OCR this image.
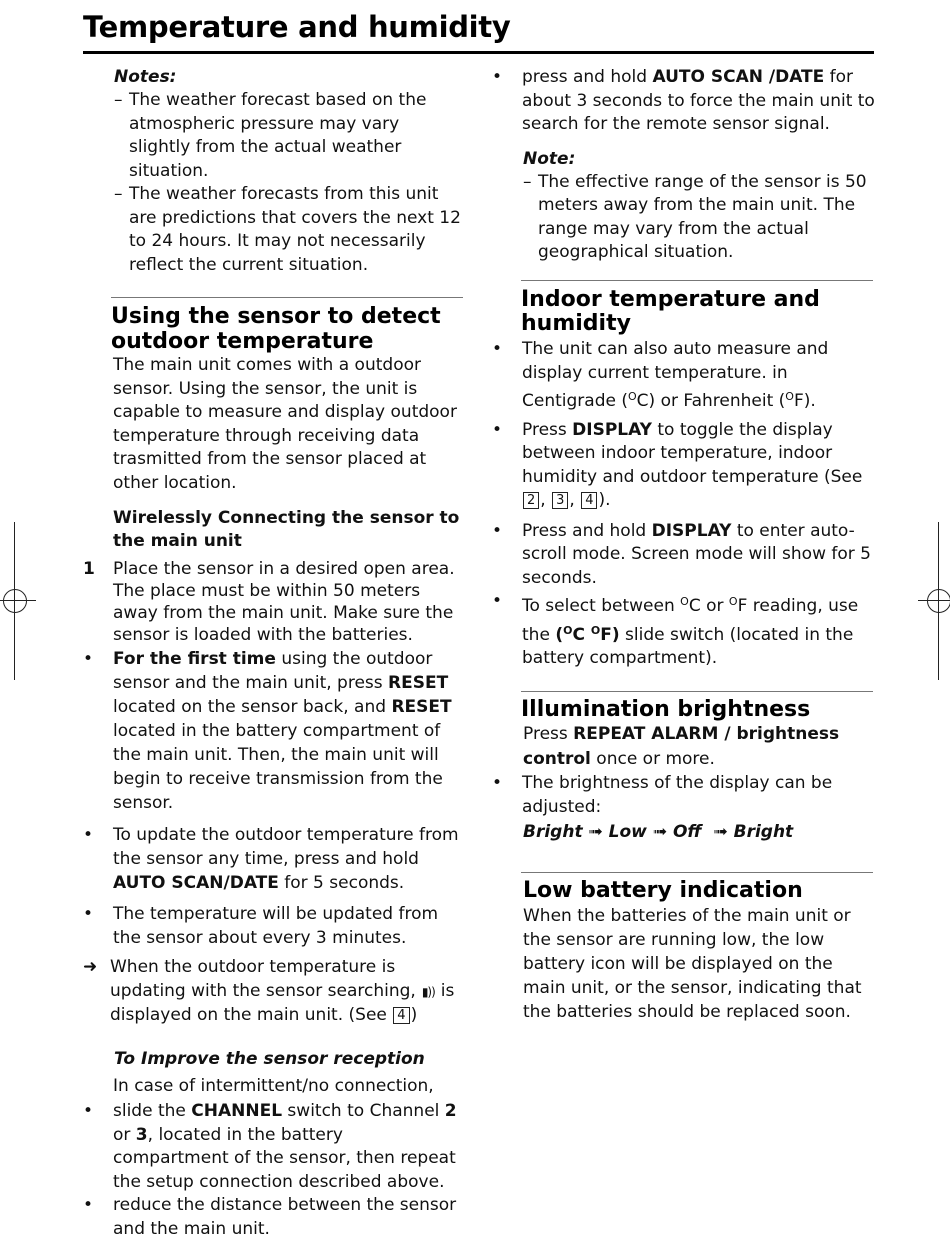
Temperature and humidity
Notes:
– The weather forecast based on the atmospheric pressure may vary slightly from the actual weather situation.
– The weather forecasts from this unit are predictions that covers the next 12 to 24 hours. It may not necessarily reflect the current situation.
Using the sensor to detect
outdoor temperature
The main unit comes with a outdoor sensor. Using the sensor, the unit is capable to measure and display outdoor temperature through receiving data trasmitted from the sensor placed at other location.
Wirelessly Connecting the sensor to the main unit
1	Place the sensor in a desired open area. The place must be within 50 meters away from the main unit. Make sure the sensor is loaded with the batteries.
•	For the first time using the outdoor sensor and the main unit, press RESET located on the sensor back, and RESET located in the battery compartment of the main unit. Then, the main unit will begin to receive transmission from the sensor.
•	To update the outdoor temperature from the sensor any time, press and hold AUTO SCAN/DATE for 5 seconds.
•	The temperature will be updated from the sensor about every 3 minutes.
➜ When the outdoor temperature is updating with the sensor searching, ▮)) is displayed on the main unit. (See 4 )
To Improve the sensor reception
In case of intermittent/no connection,
•	slide the CHANNEL switch to Channel 2 or 3, located in the battery compartment of the sensor, then repeat the setup connection described above.
•	reduce the distance between the sensor and the main unit.
•	press and hold AUTO SCAN /DATE for about 3 seconds to force the main unit to search for the remote sensor signal.
Note:
– The effective range of the sensor is 50 meters away from the main unit. The range may vary from the actual geographical situation.
Indoor temperature and
humidity
•	The unit can also auto measure and display current temperature. in Centigrade ($^O$C) or Fahrenheit ($^O$F).
•	Press DISPLAY to toggle the display between indoor temperature, indoor humidity and outdoor temperature (See 2 , 3 , 4 ).
•	Press and hold DISPLAY to enter auto-scroll mode. Screen mode will show for 5 seconds.
•	To select between $^O$C or $^O$F reading, use the ($^O$C $^O$F) slide switch (located in the battery compartment).
Illumination brightness
Press REPEAT ALARM / brightness control once or more.
•	The brightness of the display can be adjusted:
Bright ➟ Low ➟ Off ➟ Bright
Low battery indication
When the batteries of the main unit or the sensor are running low, the low battery icon will be displayed on the main unit, or the sensor, indicating that the batteries should be replaced soon.
